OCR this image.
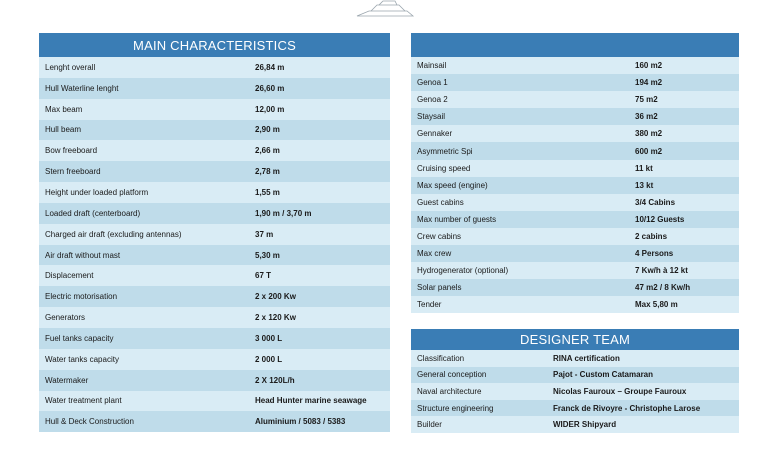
MAIN CHARACTERISTICS
Lenght overall	26,84 m
Hull Waterline lenght	26,60 m
Max beam	12,00 m
Hull beam	2,90 m
Bow freeboard	2,66 m
Stern freeboard	2,78 m
Height under loaded platform	1,55 m
Loaded draft (centerboard)	1,90 m / 3,70 m
Charged air draft (excluding antennas)	37 m
Air draft without mast	5,30 m
Displacement	67 T
Electric motorisation	2 x 200 Kw
Generators	2 x 120 Kw
Fuel tanks capacity	3 000 L
Water tanks capacity	2 000 L
Watermaker	2 X 120L/h
Water treatment plant	Head Hunter marine seawage
Hull & Deck Construction	Aluminium / 5083 / 5383
Mainsail	160 m2
Genoa 1	194 m2
Genoa 2	75 m2
Staysail	36 m2
Gennaker	380 m2
Asymmetric Spi	600 m2
Cruising speed	11 kt
Max speed (engine)	13 kt
Guest cabins	3/4 Cabins
Max number of guests	10/12 Guests
Crew cabins	2 cabins
Max crew	4 Persons
Hydrogenerator (optional)	7 Kw/h à 12 kt
Solar panels	47 m2 / 8 Kw/h
Tender	Max 5,80 m
DESIGNER TEAM
Classification	RINA certification
General conception	Pajot - Custom Catamaran
Naval architecture	Nicolas Fauroux – Groupe Fauroux
Structure engineering	Franck de Rivoyre - Christophe Larose
Builder	WIDER Shipyard
